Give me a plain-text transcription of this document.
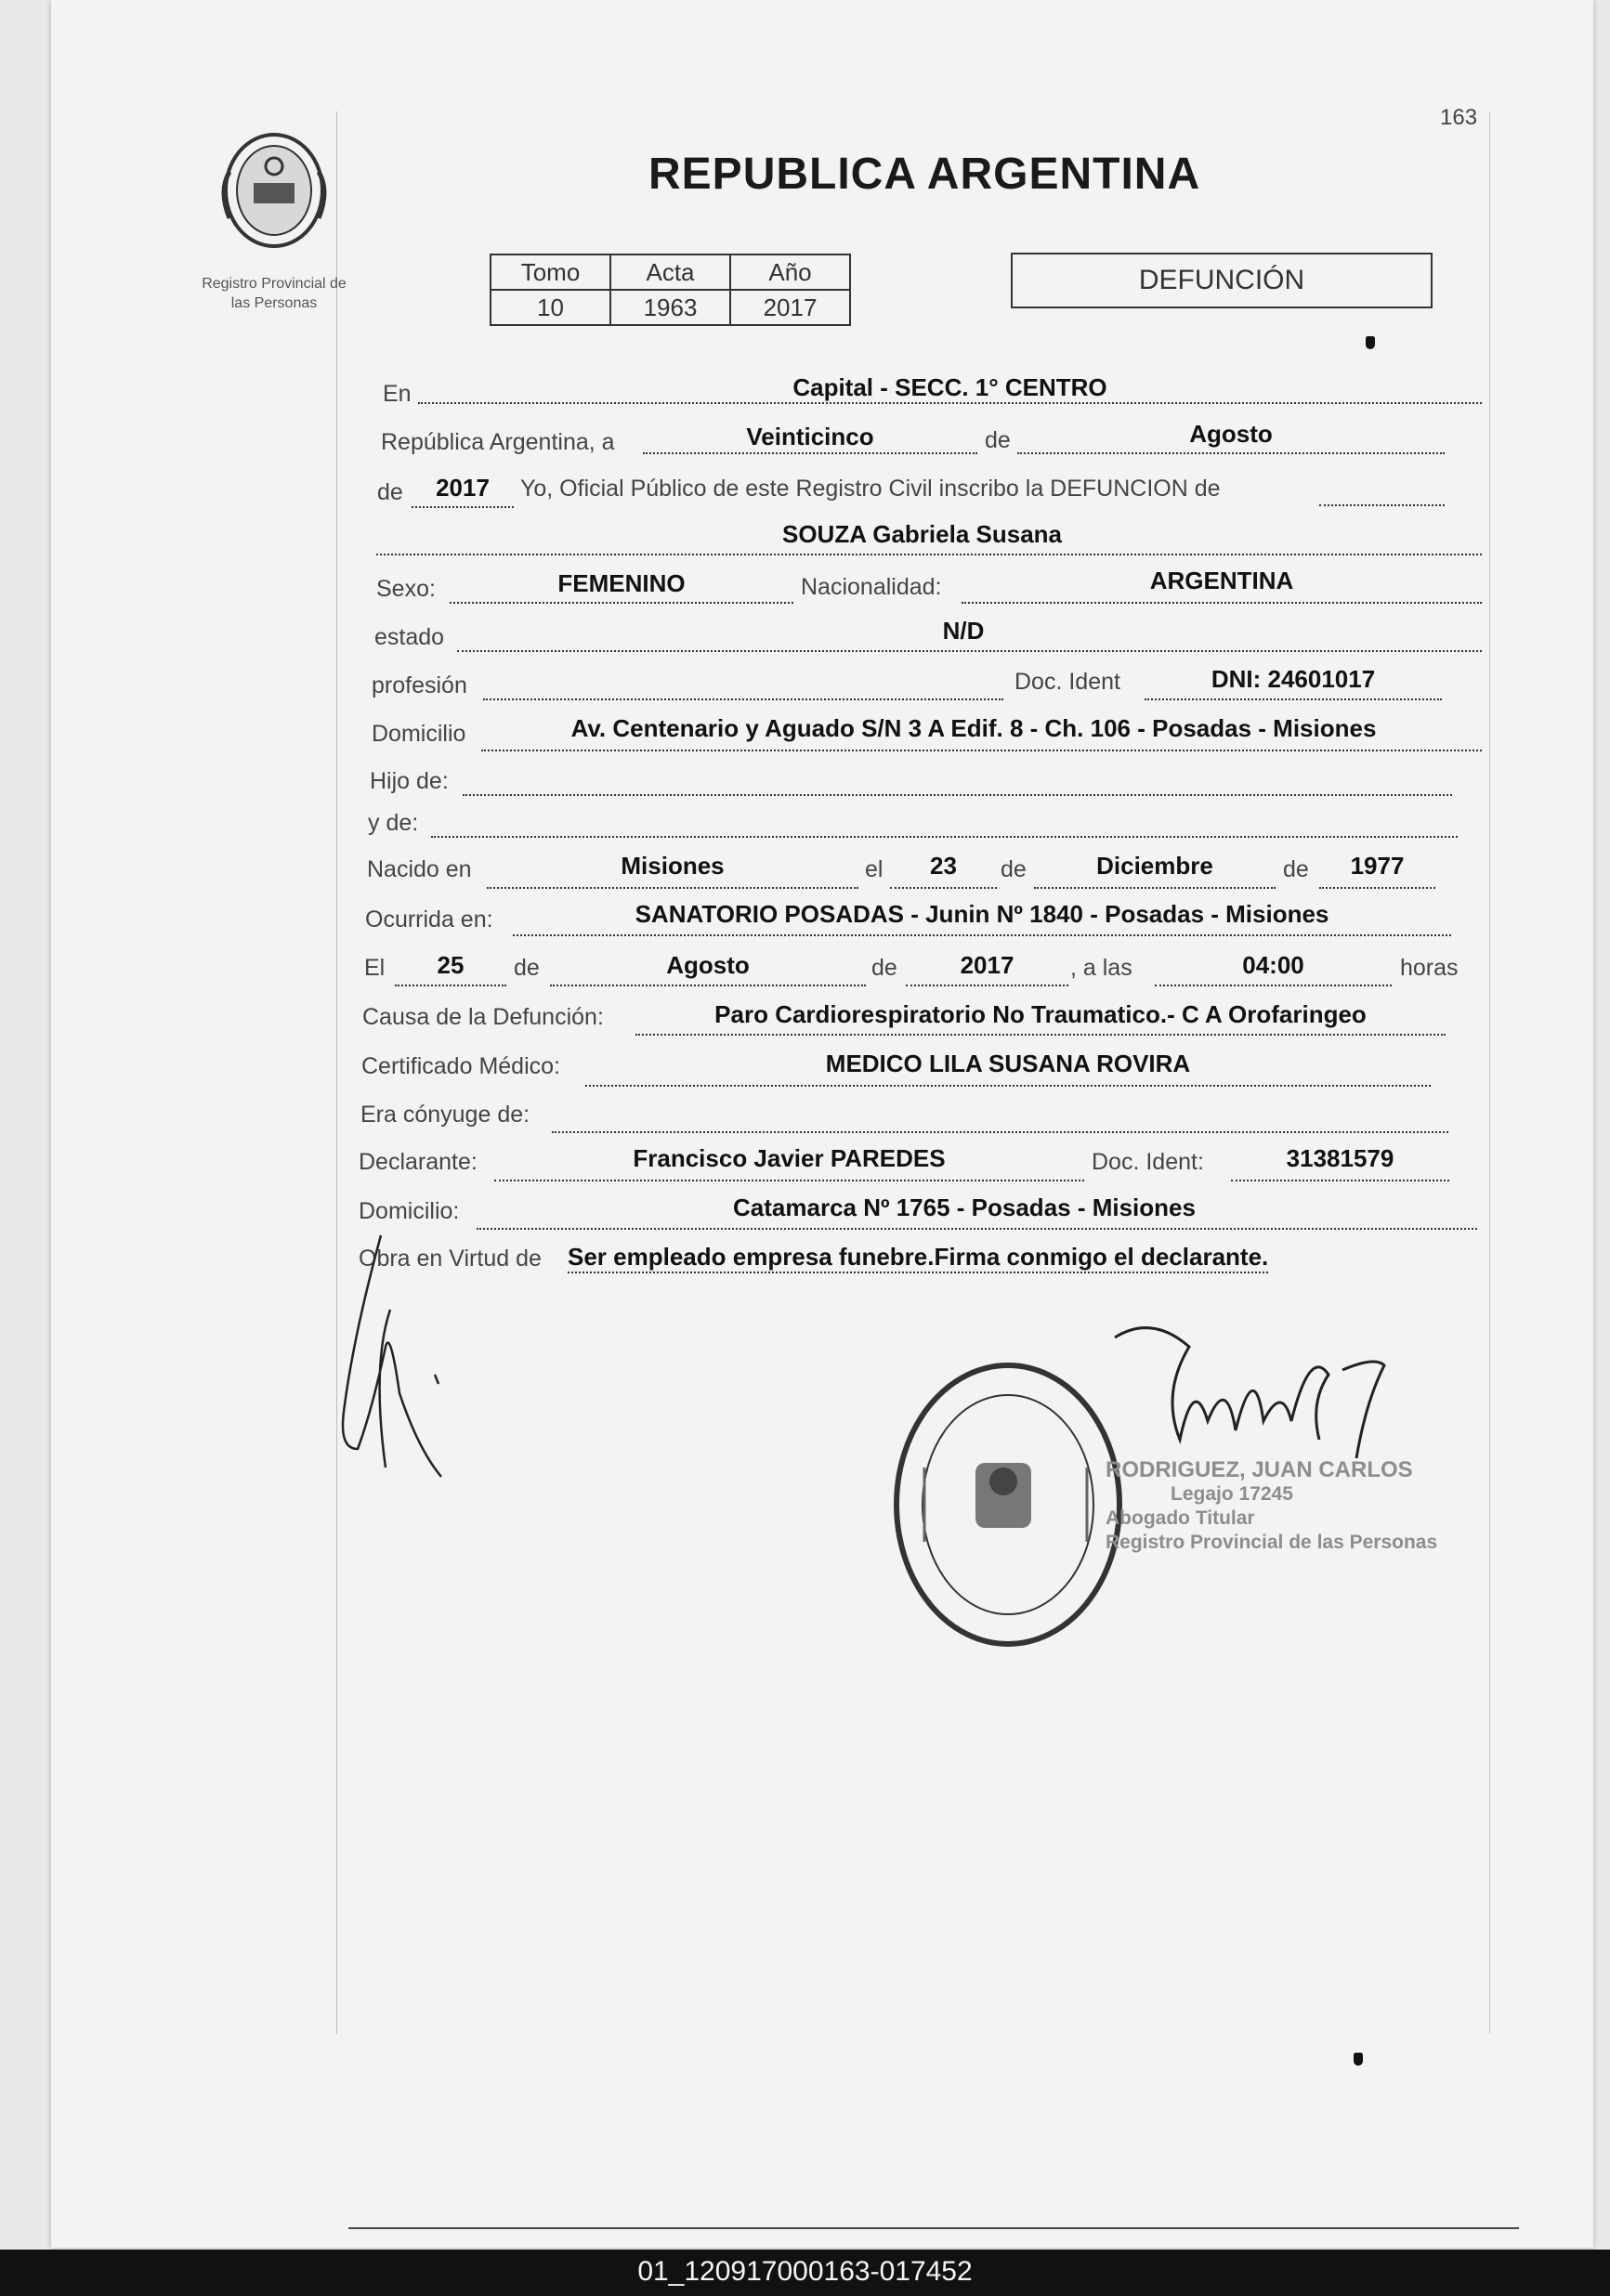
163
Registro Provincial de
las Personas
REPUBLICA ARGENTINA
Tomo	Acta	Año
10	1963	2017
DEFUNCIÓN
En	Capital - SECC. 1° CENTRO
República Argentina, a	Veinticinco	de	Agosto
de	2017	Yo, Oficial Público de este Registro Civil inscribo la DEFUNCION de
SOUZA Gabriela Susana
Sexo:	FEMENINO	Nacionalidad:	ARGENTINA
estado	N/D
profesión	Doc. Ident	DNI: 24601017
Domicilio	Av. Centenario y Aguado S/N 3 A Edif. 8 - Ch. 106 - Posadas - Misiones
Hijo de:
y de:
Nacido en	Misiones	el	23	de	Diciembre	de	1977
Ocurrida en:	SANATORIO POSADAS - Junin Nº 1840 - Posadas - Misiones
El	25	de	Agosto	de	2017	, a las	04:00	horas
Causa de la Defunción:	Paro Cardiorespiratorio No Traumatico.- C A Orofaringeo
Certificado Médico:	MEDICO LILA SUSANA ROVIRA
Era cónyuge de:
Declarante:	Francisco Javier PAREDES	Doc. Ident:	31381579
Domicilio:	Catamarca Nº 1765 - Posadas - Misiones
Obra en Virtud de Ser empleado empresa funebre.Firma conmigo el declarante.
RODRIGUEZ, JUAN CARLOS
Legajo 17245
Abogado Titular
Registro Provincial de las Personas
01_120917000163-017452
